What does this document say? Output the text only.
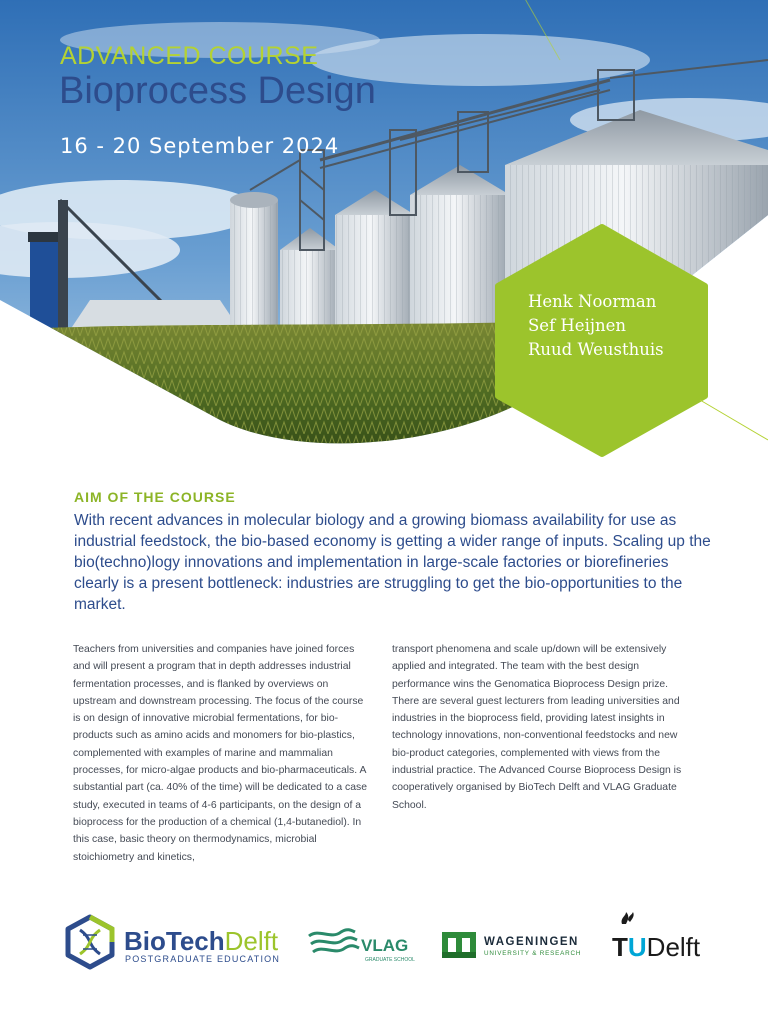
ADVANCED COURSE
Bioprocess Design

16 - 20 September 2024

Henk Noorman
Sef Heijnen
Ruud Weusthuis
AIM OF THE COURSE

With recent advances in molecular biology and a growing biomass availability for use as industrial feedstock, the bio-based economy is getting a wider range of inputs. Scaling up the bio(techno)logy innovations and implementation in large-scale factories or biorefineries clearly is a present bottleneck: industries are struggling to get the bio-opportunities to the market.

Teachers from universities and companies have joined forces and will present a program that in depth addresses industrial fermentation processes, and is flanked by overviews on upstream and downstream processing. The focus of the course is on design of innovative microbial fermentations, for bio-products such as amino acids and monomers for bio-plastics, complemented with examples of marine and mammalian processes, for micro-algae products and bio-pharmaceuticals. A substantial part (ca. 40% of the time) will be dedicated to a case study, executed in teams of 4-6 participants, on the design of a bioprocess for the production of a chemical (1,4-butanediol). In this case, basic theory on thermodynamics, microbial stoichiometry and kinetics,

transport phenomena and scale up/down will be extensively applied and integrated. The team with the best design performance wins the Genomatica Bioprocess Design prize. There are several guest lecturers from leading universities and industries in the bioprocess field, providing latest insights in technology innovations, non-conventional feedstocks and new bio-product categories, complemented with views from the industrial practice. The Advanced Course Bioprocess Design is cooperatively organised by BioTech Delft and VLAG Graduate School.

BioTechDelft
POSTGRADUATE EDUCATION
VLAG
GRADUATE SCHOOL
WAGENINGEN
UNIVERSITY & RESEARCH TUDelft
